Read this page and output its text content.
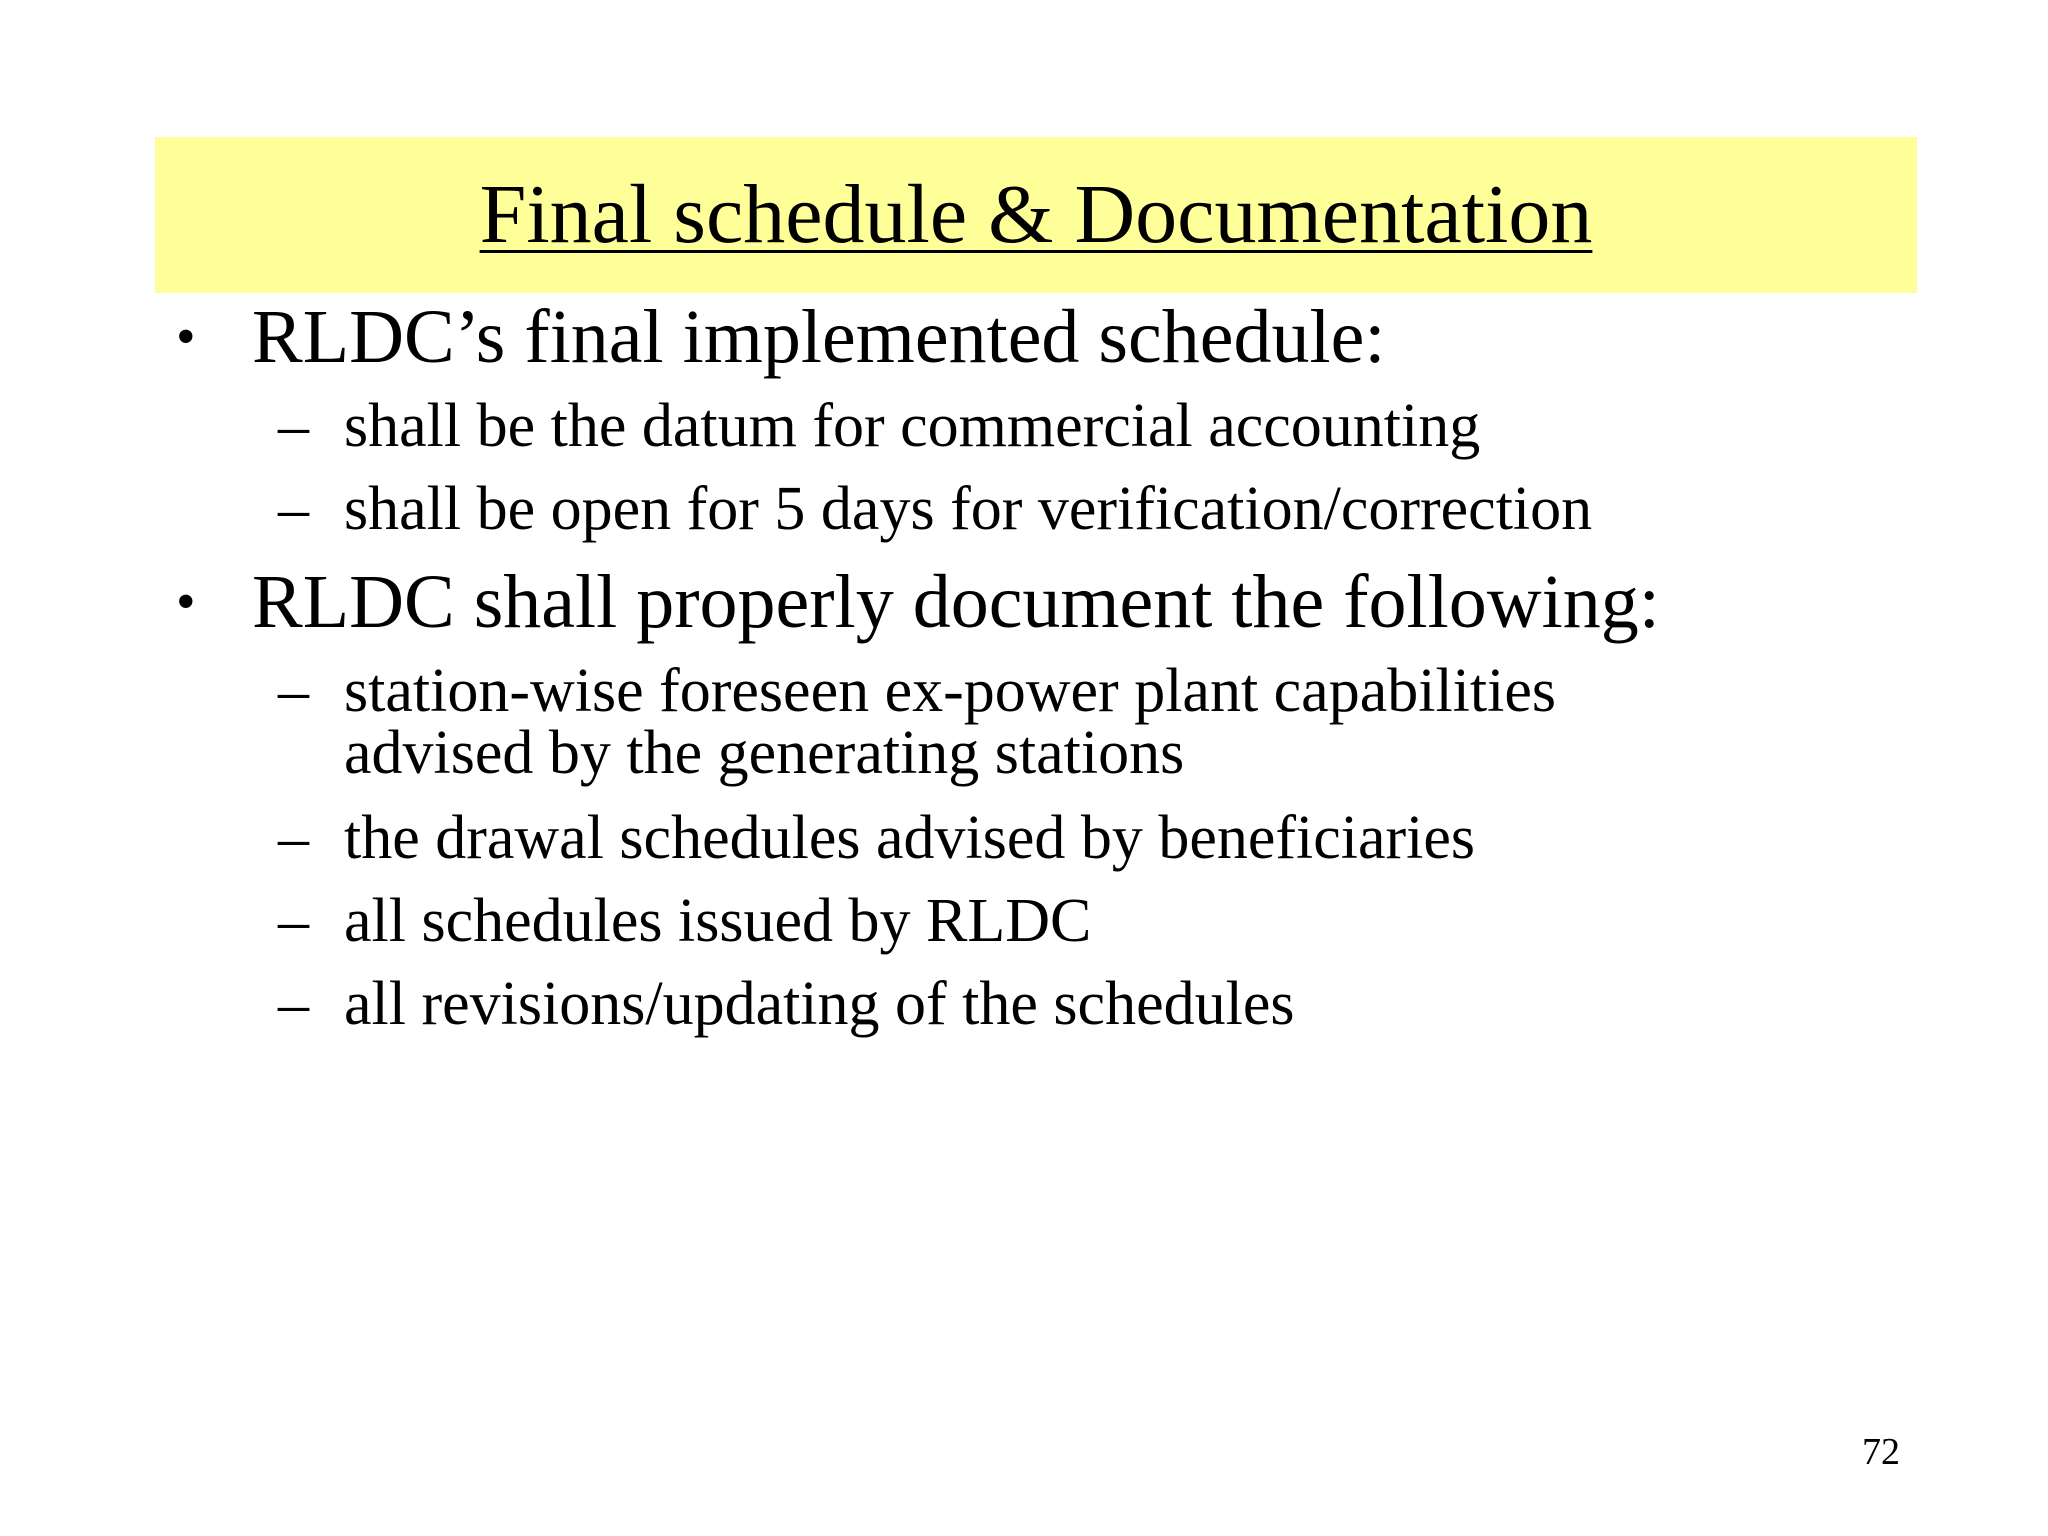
Final schedule & Documentation
• RLDC’s final implemented schedule:
– shall be the datum for commercial accounting
– shall be open for 5 days for verification/correction
• RLDC shall properly document the following:
– station-wise foreseen ex-power plant capabilities
advised by the generating stations
– the drawal schedules advised by beneficiaries
– all schedules issued by RLDC
– all revisions/updating of the schedules
72
